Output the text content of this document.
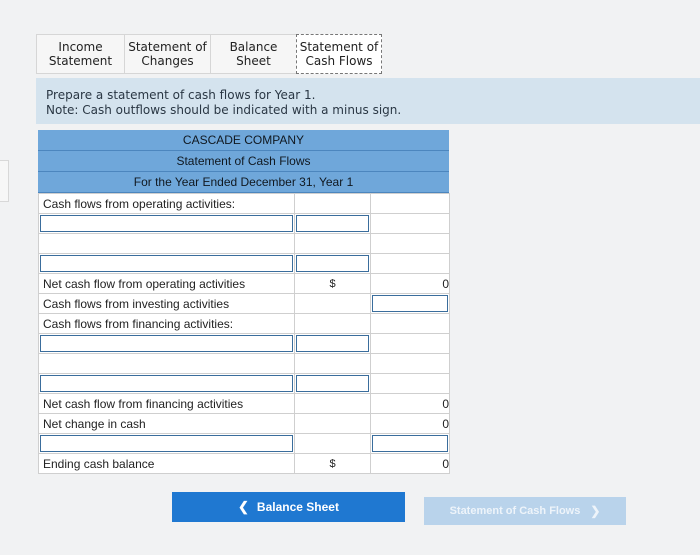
Income
Statement
Statement of
Changes
Balance Sheet
Statement of
Cash Flows
Prepare a statement of cash flows for Year 1.
Note: Cash outflows should be indicated with a minus sign.
CASCADE COMPANY
Statement of Cash Flows
For the Year Ended December 31, Year 1
Cash flows from operating activities:		

Net cash flow from operating activities	$	0
Cash flows from investing activities		

Cash flows from financing activities:		

Net cash flow from financing activities		0
Net change in cash		0

Ending cash balance	$	0
❮ Balance Sheet	Statement of Cash Flows ❯
